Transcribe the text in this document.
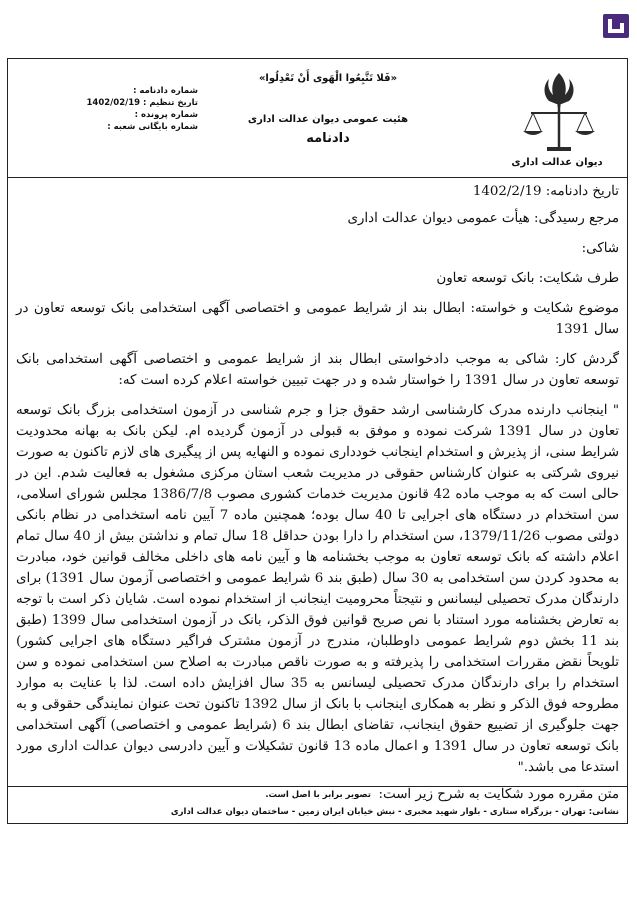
دیوان عدالت اداری
«فَلا تَتَّبِعُوا الْهَوى أَنْ تَعْدِلُوا»
هئیت عمومی دیوان عدالت اداری
دادنامه
شماره دادنامه :
تاریخ تنظیم : 1402/02/19
شماره پرونده :
شماره بایگانی شعبه :

تاریخ دادنامه: 1402/2/19

مرجع رسیدگی: هیأت عمومی دیوان عدالت اداری

شاکی:

طرف شکایت: بانک توسعه تعاون

موضوع شکایت و خواسته: ابطال بند از شرایط عمومی و اختصاصی آگهی استخدامی بانک توسعه تعاون در سال 1391

گردش کار: شاکی به موجب دادخواستی ابطال بند از شرایط عمومی و اختصاصی آگهی استخدامی بانک توسعه تعاون در سال 1391 را خواستار شده و در جهت تبیین خواسته اعلام کرده است که:

" اینجانب دارنده مدرک کارشناسی ارشد حقوق جزا و جرم شناسی در آزمون استخدامی بزرگ بانک توسعه تعاون در سال 1391 شرکت نموده و موفق به قبولی در آزمون گردیده ام. لیکن بانک به بهانه محدودیت شرایط سنی، از پذیرش و استخدام اینجانب خودداری نموده و النهایه پس از پیگیری های لازم تاکنون به صورت نیروی شرکتی به عنوان کارشناس حقوقی در مدیریت شعب استان مرکزی مشغول به فعالیت شدم. این در حالی است که به موجب ماده 42 قانون مدیریت خدمات کشوری مصوب 1386/7/8 مجلس شورای اسلامی، سن استخدام در دستگاه های اجرایی تا 40 سال بوده؛ همچنین ماده 7 آیین نامه استخدامی در نظام بانکی دولتی مصوب 1379/11/26، سن استخدام را دارا بودن حداقل 18 سال تمام و نداشتن بیش از 40 سال تمام اعلام داشته که بانک توسعه تعاون به موجب بخشنامه ها و آیین نامه های داخلی مخالف قوانین خود، مبادرت به محدود کردن سن استخدامی به 30 سال (طبق بند 6 شرایط عمومی و اختصاصی آزمون سال 1391) برای دارندگان مدرک تحصیلی لیسانس و نتیجتاً محرومیت اینجانب از استخدام نموده است. شایان ذکر است با توجه به تعارض بخشنامه مورد استناد با نص صریح قوانین فوق الذکر، بانک در آزمون استخدامی سال 1399 (طبق بند 11 بخش دوم شرایط عمومی داوطلبان، مندرج در آزمون مشترک فراگیر دستگاه های اجرایی کشور) تلویحاً نقض مقررات استخدامی را پذیرفته و به صورت ناقص مبادرت به اصلاح سن استخدامی نموده و سن استخدام را برای دارندگان مدرک تحصیلی لیسانس به 35 سال افزایش داده است. لذا با عنایت به موارد مطروحه فوق الذکر و نظر به همکاری اینجانب با بانک از سال 1392 تاکنون تحت عنوان نمایندگی حقوقی و به جهت جلوگیری از تضییع حقوق اینجانب، تقاضای ابطال بند 6 (شرایط عمومی و اختصاصی) آگهی استخدامی بانک توسعه تعاون در سال 1391 و اعمال ماده 13 قانون تشکیلات و آیین دادرسی دیوان عدالت اداری مورد استدعا می باشد."

متن مقرره مورد شکایت به شرح زیر است:

تصویر برابر با اصل است.
نشانی: تهران - بزرگراه ستاری - بلوار شهید مخبری - نبش خیابان ایران زمین - ساختمان دیوان عدالت اداری
